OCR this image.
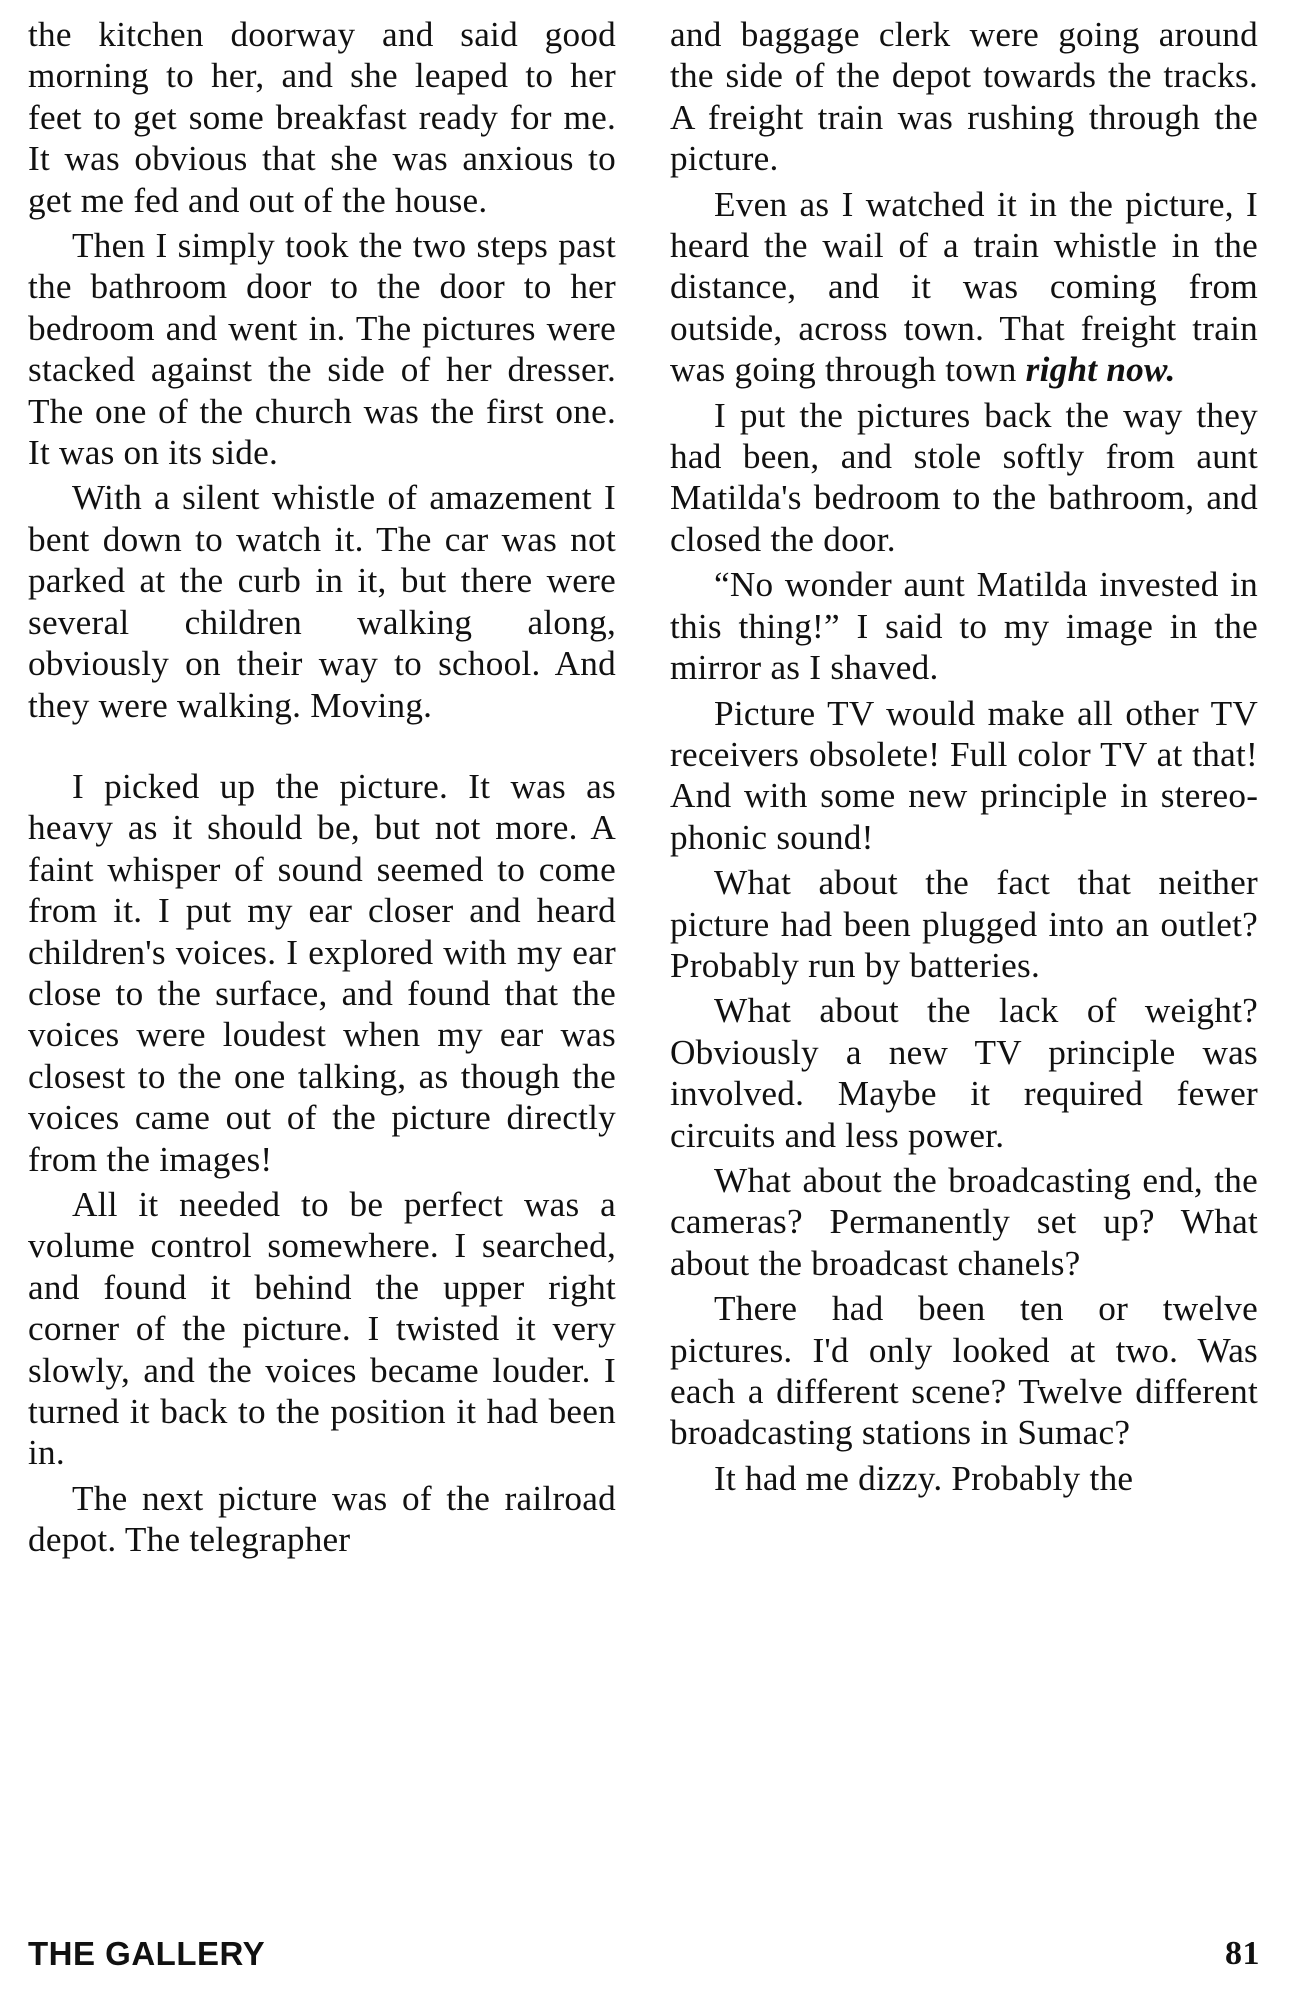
the kitchen doorway and said good morning to her, and she leaped to her feet to get some breakfast ready for me. It was obvious that she was anxious to get me fed and out of the house.

Then I simply took the two steps past the bathroom door to the door to her bedroom and went in. The pictures were stacked against the side of her dresser. The one of the church was the first one. It was on its side.

With a silent whistle of amazement I bent down to watch it. The car was not parked at the curb in it, but there were several children walking along, obviously on their way to school. And they were walking. Moving.

I picked up the picture. It was as heavy as it should be, but not more. A faint whisper of sound seemed to come from it. I put my ear closer and heard children's voices. I explored with my ear close to the surface, and found that the voices were loudest when my ear was closest to the one talking, as though the voices came out of the picture directly from the images!

All it needed to be perfect was a volume control somewhere. I searched, and found it behind the upper right corner of the picture. I twisted it very slowly, and the voices became louder. I turned it back to the position it had been in.

The next picture was of the railroad depot. The telegrapher

and baggage clerk were going around the side of the depot towards the tracks. A freight train was rushing through the picture.

Even as I watched it in the picture, I heard the wail of a train whistle in the distance, and it was coming from outside, across town. That freight train was going through town right now.

I put the pictures back the way they had been, and stole softly from aunt Matilda's bedroom to the bathroom, and closed the door.

“No wonder aunt Matilda invested in this thing!” I said to my image in the mirror as I shaved.

Picture TV would make all other TV receivers obsolete! Full color TV at that! And with some new principle in stereophonic sound!

What about the fact that neither picture had been plugged into an outlet? Probably run by batteries.

What about the lack of weight? Obviously a new TV principle was involved. Maybe it required fewer circuits and less power.

What about the broadcasting end, the cameras? Permanently set up? What about the broadcast chanels?

There had been ten or twelve pictures. I'd only looked at two. Was each a different scene? Twelve different broadcasting stations in Sumac?

It had me dizzy. Probably the

THE GALLERY	81
